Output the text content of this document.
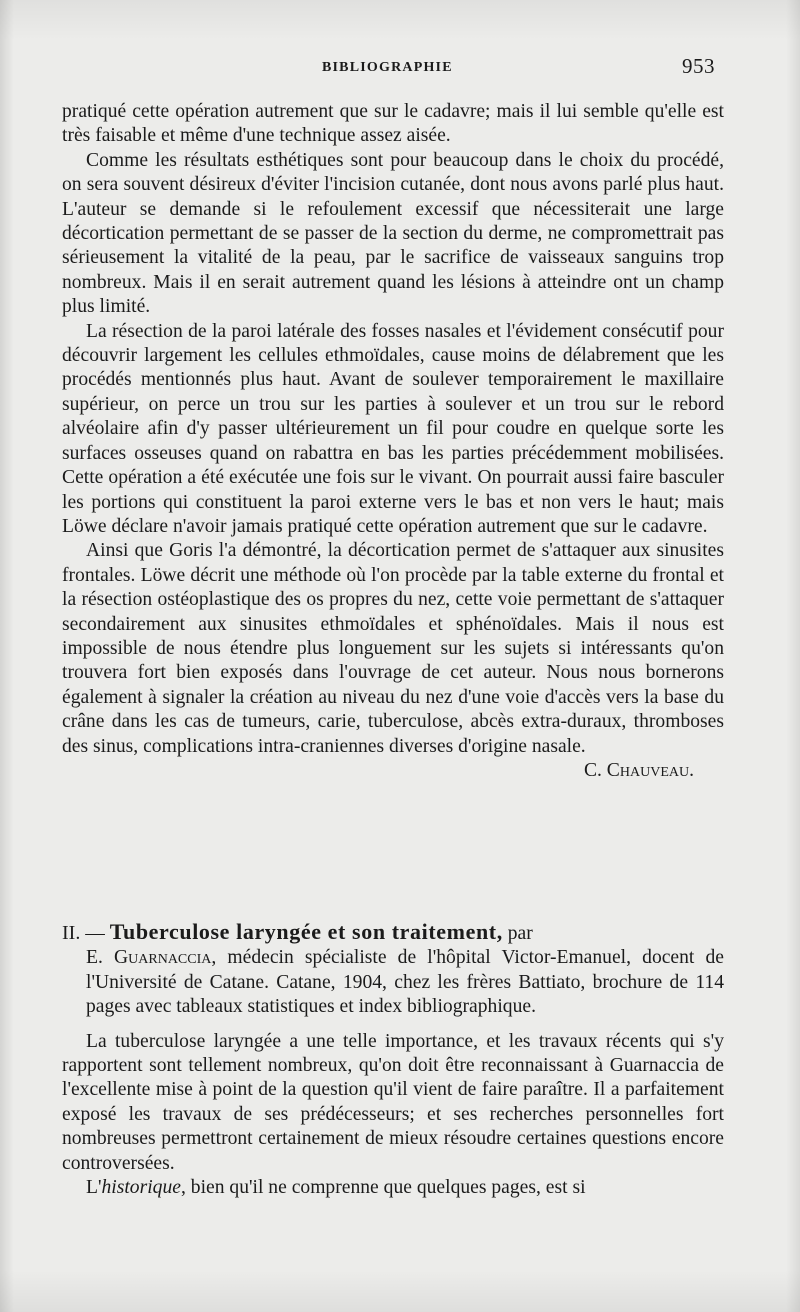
BIBLIOGRAPHIE	953

pratiqué cette opération autrement que sur le cadavre; mais il lui semble qu'elle est très faisable et même d'une technique assez aisée.

Comme les résultats esthétiques sont pour beaucoup dans le choix du procédé, on sera souvent désireux d'éviter l'incision cutanée, dont nous avons parlé plus haut. L'auteur se demande si le refoulement excessif que nécessiterait une large décortication permettant de se passer de la section du derme, ne compromettrait pas sérieusement la vitalité de la peau, par le sacrifice de vaisseaux sanguins trop nombreux. Mais il en serait autrement quand les lésions à atteindre ont un champ plus limité.

La résection de la paroi latérale des fosses nasales et l'évidement consécutif pour découvrir largement les cellules ethmoïdales, cause moins de délabrement que les procédés mentionnés plus haut. Avant de soulever temporairement le maxillaire supérieur, on perce un trou sur les parties à soulever et un trou sur le rebord alvéolaire afin d'y passer ultérieurement un fil pour coudre en quelque sorte les surfaces osseuses quand on rabattra en bas les parties précédemment mobilisées. Cette opération a été exécutée une fois sur le vivant. On pourrait aussi faire basculer les portions qui constituent la paroi externe vers le bas et non vers le haut; mais Löwe déclare n'avoir jamais pratiqué cette opération autrement que sur le cadavre.

Ainsi que Goris l'a démontré, la décortication permet de s'attaquer aux sinusites frontales. Löwe décrit une méthode où l'on procède par la table externe du frontal et la résection ostéoplastique des os propres du nez, cette voie permettant de s'attaquer secondairement aux sinusites ethmoïdales et sphénoïdales. Mais il nous est impossible de nous étendre plus longuement sur les sujets si intéressants qu'on trouvera fort bien exposés dans l'ouvrage de cet auteur. Nous nous bornerons également à signaler la création au niveau du nez d'une voie d'accès vers la base du crâne dans les cas de tumeurs, carie, tuberculose, abcès extra-duraux, thromboses des sinus, complications intra-craniennes diverses d'origine nasale.

C. Chauveau.

II. — Tuberculose laryngée et son traitement, par

E. Guarnaccia, médecin spécialiste de l'hôpital Victor-Emanuel, docent de l'Université de Catane. Catane, 1904, chez les frères Battiato, brochure de 114 pages avec tableaux statistiques et index bibliographique.

La tuberculose laryngée a une telle importance, et les travaux récents qui s'y rapportent sont tellement nombreux, qu'on doit être reconnaissant à Guarnaccia de l'excellente mise à point de la question qu'il vient de faire paraître. Il a parfaitement exposé les travaux de ses prédécesseurs; et ses recherches personnelles fort nombreuses permettront certainement de mieux résoudre certaines questions encore controversées.

L'historique, bien qu'il ne comprenne que quelques pages, est si
